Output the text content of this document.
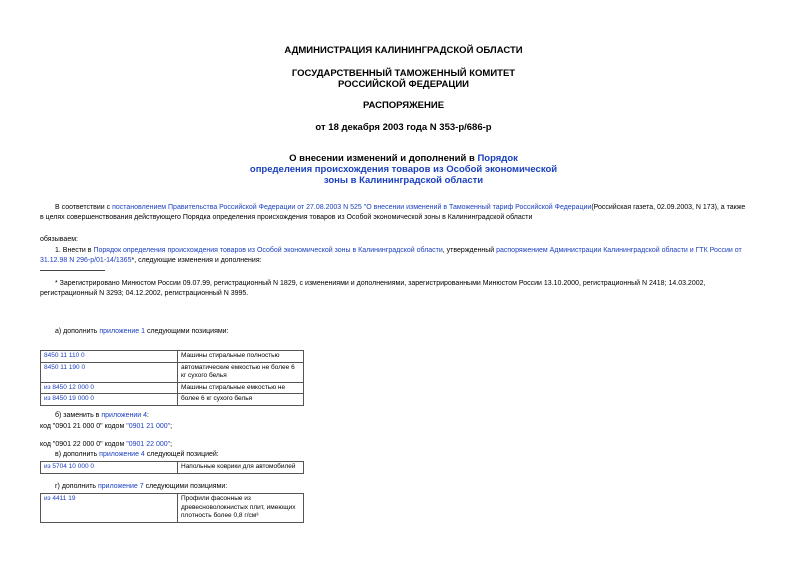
АДМИНИСТРАЦИЯ КАЛИНИНГРАДСКОЙ ОБЛАСТИ
ГОСУДАРСТВЕННЫЙ ТАМОЖЕННЫЙ КОМИТЕТ
РОССИЙСКОЙ ФЕДЕРАЦИИ
РАСПОРЯЖЕНИЕ
от 18 декабря 2003 года N 353-р/686-р
О внесении изменений и дополнений в Порядок
определения происхождения товаров из Особой экономической
зоны в Калининградской области
В соответствии с постановлением Правительства Российской Федерации от 27.08.2003 N 525 "О внесении изменений в Таможенный тариф Российской Федерации(Российская газета, 02.09.2003, N 173), а также
в целях совершенствования действующего Порядка определения происхождения товаров из Особой экономической зоны в Калининградской области
обязываем:
1. Внести в Порядок определения происхождения товаров из Особой экономической зоны в Калининградской области, утвержденный распоряжением Администрации Калининградской области и ГТК России от
31.12.98 N 296-р/01-14/1365*, следующие изменения и дополнения:
* Зарегистрировано Минюстом России 09.07.99, регистрационный N 1829, с изменениями и дополнениями, зарегистрированными Минюстом России 13.10.2000, регистрационный N 2418; 14.03.2002,
регистрационный N 3293; 04.12.2002, регистрационный N 3995.
а) дополнить приложение 1 следующими позициями:
8450 11 110 0	Машины стиральные полностью
8450 11 190 0	автоматические емкостью не более 6 кг сухого белья
из 8450 12 000 0	Машины стиральные емкостью не
из 8450 19 000 0	более 6 кг сухого белья
б) заменить в приложении 4:
код "0901 21 000 0" кодом "0901 21 000";
код "0901 22 000 0" кодом "0901 22 000";
в) дополнить приложение 4 следующей позицией:
из 5704 10 000 0	Напольные коврики для автомобилей
г) дополнить приложение 7 следующими позициями:
из 4411 19	Профили фасонные из древесноволокнистых плит, имеющих плотность более 0,8 г/см³
